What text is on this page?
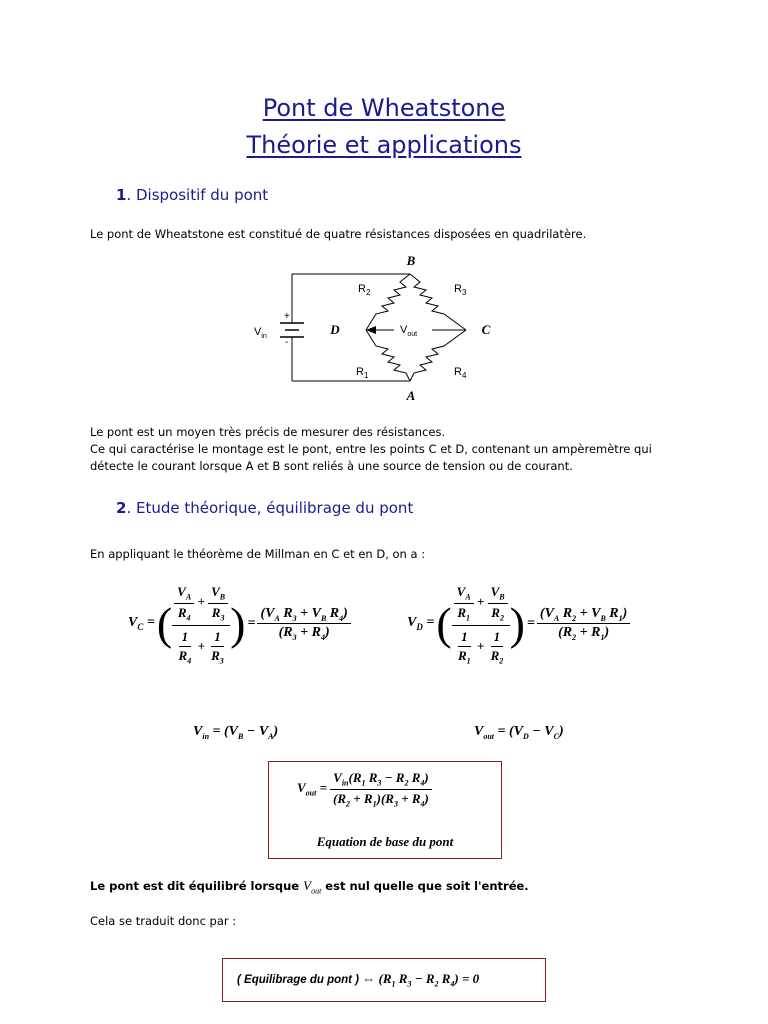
Pont de Wheatstone
Théorie et applications
1. Dispositif du pont
Le pont de Wheatstone est constitué de quatre résistances disposées en quadrilatère.
B
A
C
D
$R_2$	$R_3$
$R_1$	$R_4$
$V_{in}$
$V_{out}$
+
-
Le pont est un moyen très précis de mesurer des résistances.
Ce qui caractérise le montage est le pont, entre les points C et D, contenant un ampèremètre qui
détecte le courant lorsque A et B sont reliés à une source de tension ou de courant.
2. Etude théorique, équilibrage du pont
En appliquant le théorème de Millman en C et en D, on a :
$V_C$ = ( $\frac{\frac{V_A}{R_4} + \frac{V_B}{R_3}}{\frac{1}{R_4} + \frac{1}{R_3}}$ ) = $\frac{(V_A R_3 + V_B R_4)}{(R_3 + R_4)}$	$V_D$ = ( $\frac{\frac{V_A}{R_1} + \frac{V_B}{R_2}}{\frac{1}{R_1} + \frac{1}{R_2}}$ ) = $\frac{(V_A R_2 + V_B R_1)}{(R_2 + R_1)}$
$V_{in} = (V_B - V_A)$	$V_{out} = (V_D - V_C)$
$V_{out} = \frac{V_{in}(R_1 R_3 - R_2 R_4)}{(R_2 + R_1)(R_3 + R_4)}$
Equation de base du pont
Le pont est dit équilibré lorsque $V_{out}$ est nul quelle que soit l'entrée.
Cela se traduit donc par :
( Equilibrage du pont ) ⇔ ($R_1$ $R_3 - R_2$ $R_4) = 0$
